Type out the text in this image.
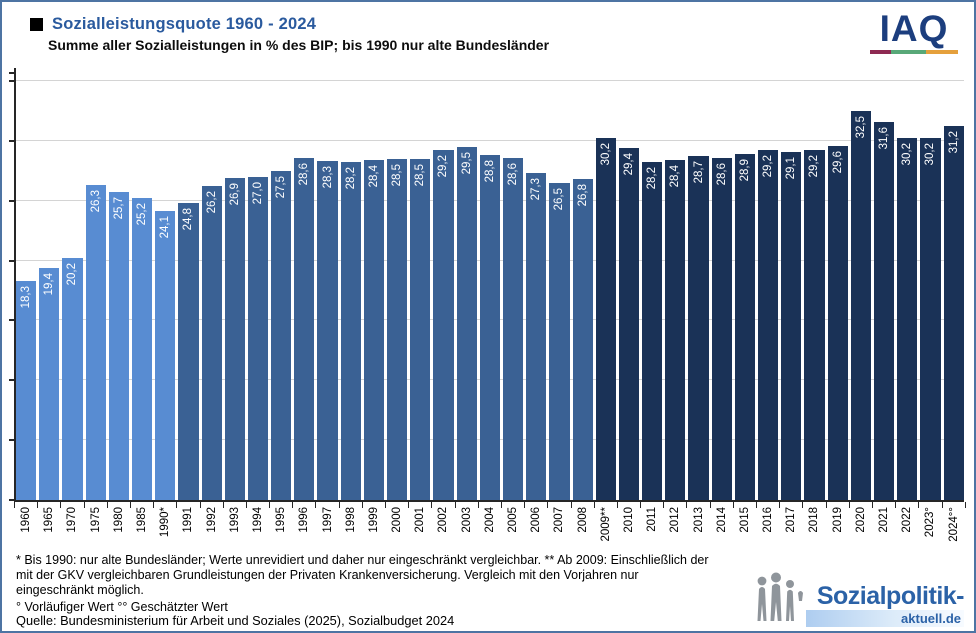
Sozialleistungsquote 1960 - 2024
Summe aller Sozialleistungen in % des BIP; bis 1990 nur alte Bundesländer	IAQ
18,3
19,4 20,2
26,3 25,7 25,2
24,1 24,8
26,2 26,9 27,0 27,5
28,6 28,3 28,2 28,4 28,5 28,5 29,2 29,5 28,8 28,6
27,3 26,5 26,8
30,2 29,4
28,2 28,4 28,7 28,6 28,9 29,2 29,1 29,2 29,6
32,5 31,6
30,2 30,2
31,2
1960 1965 1970 1975 1980 1985 1990* 1991 1992 1993 1994 1995 1996 1997 1998 1999 2000 2001 2002 2003 2004 2005 2006 2007 2008 2009** 2010 2011 2012 2013 2014 2015 2016 2017 2018 2019 2020 2021 2022 2023° 2024°°
* Bis 1990: nur alte Bundesländer; Werte unrevidiert und daher nur eingeschränkt vergleichbar. ** Ab 2009: Einschließlich der
mit der GKV vergleichbaren Grundleistungen der Privaten Krankenversicherung. Vergleich mit den Vorjahren nur
eingeschränkt möglich.
° Vorläufiger Wert °° Geschätzter Wert
Quelle: Bundesministerium für Arbeit und Soziales (2025), Sozialbudget 2024
Sozialpolitik-
aktuell.de
